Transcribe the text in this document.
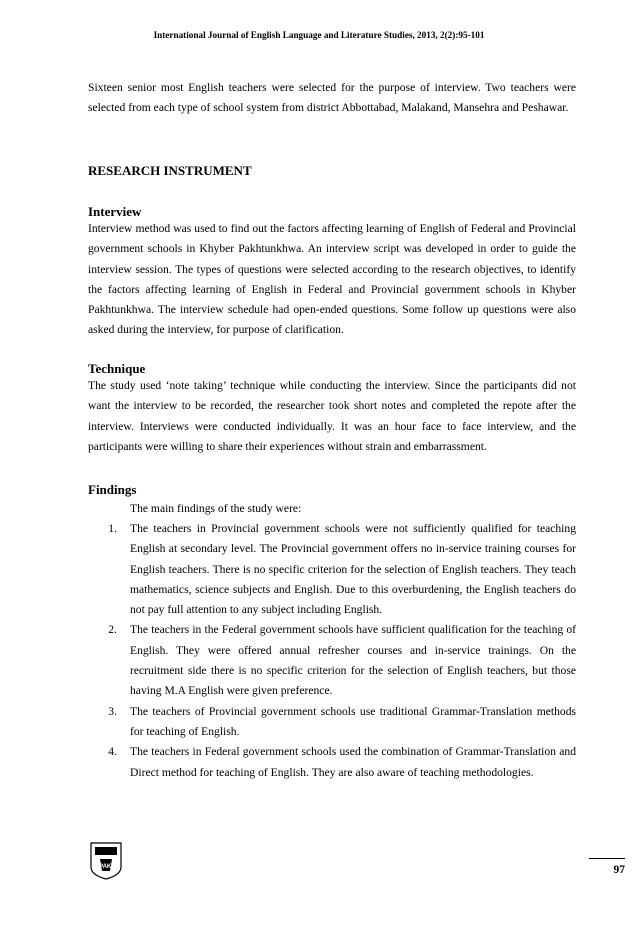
International Journal of English Language and Literature Studies, 2013, 2(2):95-101
Sixteen senior most English teachers were selected for the purpose of interview. Two teachers were selected from each type of school system from district Abbottabad, Malakand, Mansehra and Peshawar.
RESEARCH INSTRUMENT
Interview
Interview method was used to find out the factors affecting learning of English of Federal and Provincial government schools in Khyber Pakhtunkhwa. An interview script was developed in order to guide the interview session. The types of questions were selected according to the research objectives, to identify the factors affecting learning of English in Federal and Provincial government schools in Khyber Pakhtunkhwa. The interview schedule had open-ended questions. Some follow up questions were also asked during the interview, for purpose of clarification.
Technique
The study used ‘note taking’ technique while conducting the interview. Since the participants did not want the interview to be recorded, the researcher took short notes and completed the repote after the interview. Interviews were conducted individually. It was an hour face to face interview, and the participants were willing to share their experiences without strain and embarrassment.
Findings
The main findings of the study were:
1.	The teachers in Provincial government schools were not sufficiently qualified for teaching English at secondary level. The Provincial government offers no in-service training courses for English teachers. There is no specific criterion for the selection of English teachers. They teach mathematics, science subjects and English. Due to this overburdening, the English teachers do not pay full attention to any subject including English.
2.	The teachers in the Federal government schools have sufficient qualification for the teaching of English. They were offered annual refresher courses and in-service trainings. On the recruitment side there is no specific criterion for the selection of English teachers, but those having M.A English were given preference.
3.	The teachers of Provincial government schools use traditional Grammar-Translation methods for teaching of English.
4.	The teachers in Federal government schools used the combination of Grammar-Translation and Direct method for teaching of English. They are also aware of teaching methodologies.
PAKI	97
